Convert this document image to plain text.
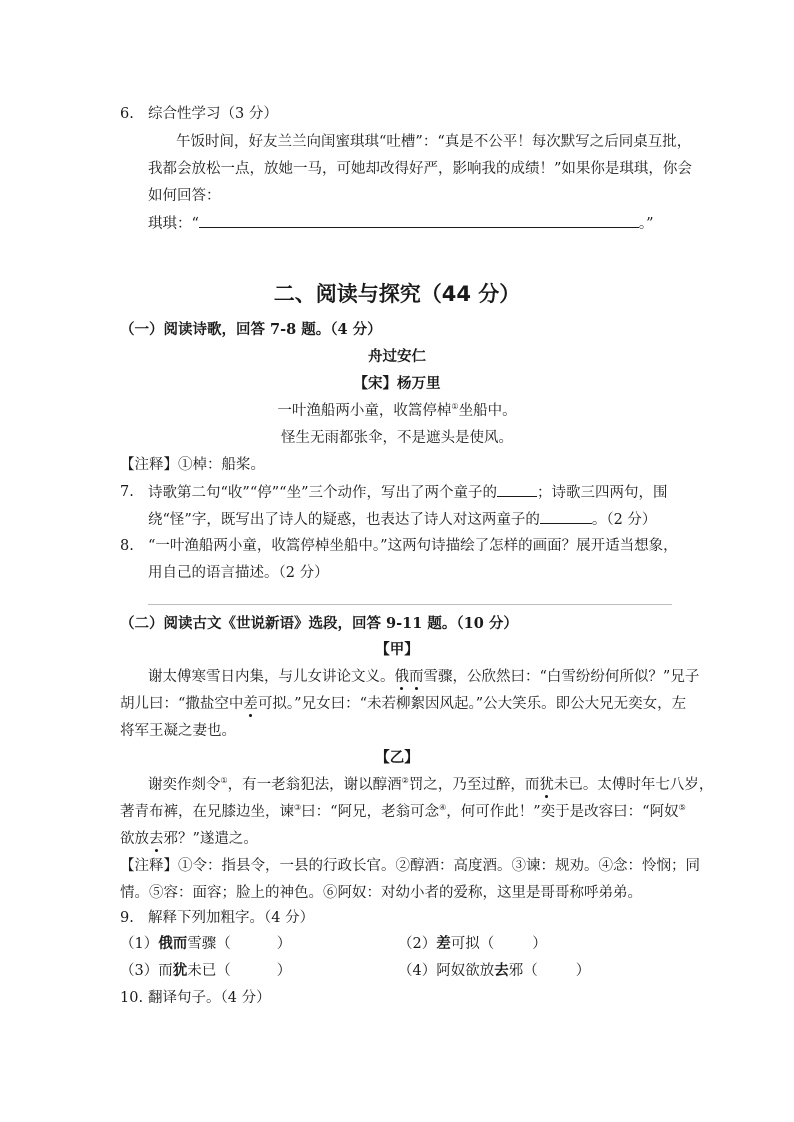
6. 综合性学习（3 分）
午饭时间，好友兰兰向闺蜜琪琪“吐槽”：“真是不公平！每次默写之后同桌互批，
我都会放松一点，放她一马，可她却改得好严，影响我的成绩！”如果你是琪琪，你会
如何回答：
琪琪：“	。”
二、阅读与探究（44 分）
（一）阅读诗歌，回答 7-8 题。（4 分）
舟过安仁
【宋】杨万里
一叶渔船两小童，收篙停棹①坐船中。
怪生无雨都张伞，不是遮头是使风。
【注释】①棹：船桨。
7. 诗歌第二句“收”“停”“坐”三个动作，写出了两个童子的	；诗歌三四两句，围
绕“怪”字，既写出了诗人的疑惑，也表达了诗人对这两童子的	。（2 分）
8. “一叶渔船两小童，收篙停棹坐船中。”这两句诗描绘了怎样的画面？展开适当想象，
用自己的语言描述。（2 分）
（二）阅读古文《世说新语》选段，回答 9-11 题。（10 分）
【甲】
谢太傅寒雪日内集，与儿女讲论文义。俄而雪骤，公欣然曰：“白雪纷纷何所似？”兄子
胡儿曰：“撒盐空中差可拟。”兄女曰：“未若柳絮因风起。”公大笑乐。即公大兄无奕女，左
将军王凝之妻也。
【乙】
谢奕作剡令①，有一老翁犯法，谢以醇酒②罚之，乃至过醉，而犹未已。太傅时年七八岁，
著青布裤，在兄膝边坐，谏③曰：“阿兄，老翁可念④，何可作此！”奕于是改容曰：“阿奴⑤
欲放去邪？”遂遣之。
【注释】①令：指县令，一县的行政长官。②醇酒：高度酒。③谏：规劝。④念：怜悯；同
情。⑤容：面容；脸上的神色。⑥阿奴：对幼小者的爱称，这里是哥哥称呼弟弟。
9. 解释下列加粗字。（4 分）
（1）俄而雪骤（	）	（2）差可拟（	）
（3）而犹未已（	）	（4）阿奴欲放去邪（	）
10. 翻译句子。（4 分）
